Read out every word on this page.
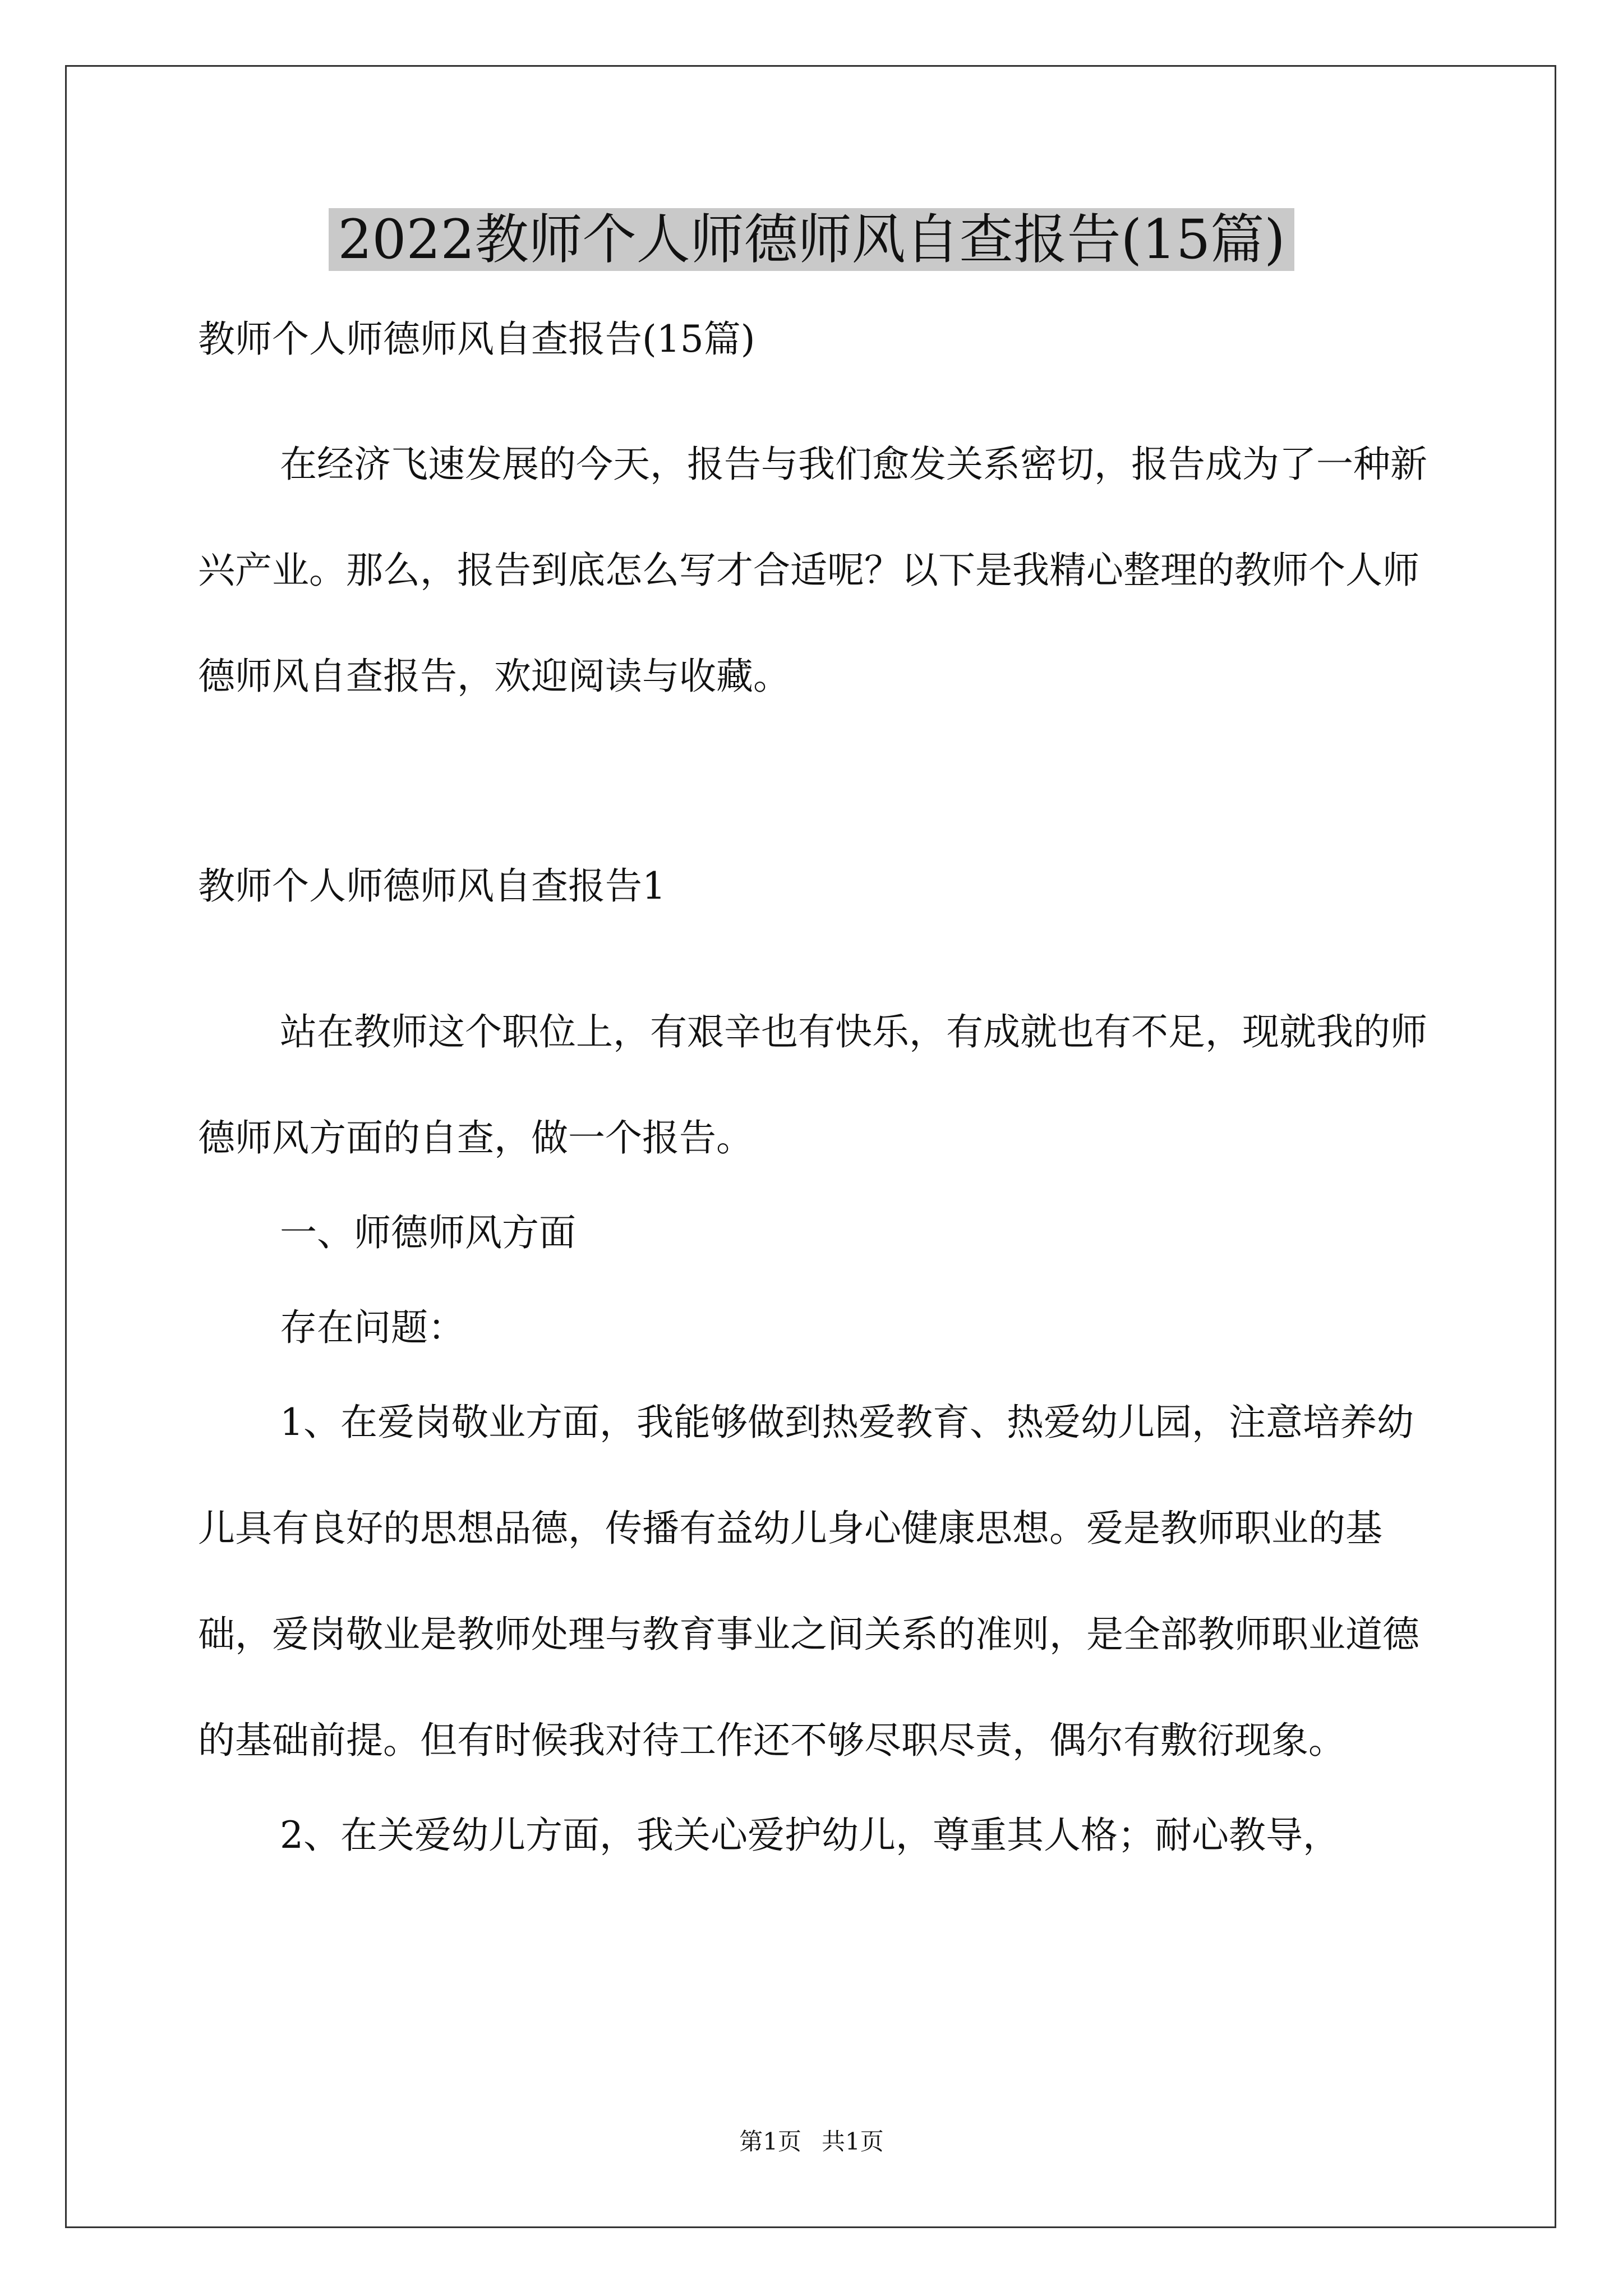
2022教师个人师德师风自查报告(15篇)

教师个人师德师风自查报告(15篇)

在经济飞速发展的今天，报告与我们愈发关系密切，报告成为了一种新兴产业。那么，报告到底怎么写才合适呢？以下是我精心整理的教师个人师德师风自查报告，欢迎阅读与收藏。

教师个人师德师风自查报告1

站在教师这个职位上，有艰辛也有快乐，有成就也有不足，现就我的师德师风方面的自查，做一个报告。

一、师德师风方面

存在问题：

1、在爱岗敬业方面，我能够做到热爱教育、热爱幼儿园，注意培养幼儿具有良好的思想品德，传播有益幼儿身心健康思想。爱是教师职业的基础，爱岗敬业是教师处理与教育事业之间关系的准则，是全部教师职业道德的基础前提。但有时候我对待工作还不够尽职尽责，偶尔有敷衍现象。

2、在关爱幼儿方面，我关心爱护幼儿，尊重其人格；耐心教导，

第1页 共1页
